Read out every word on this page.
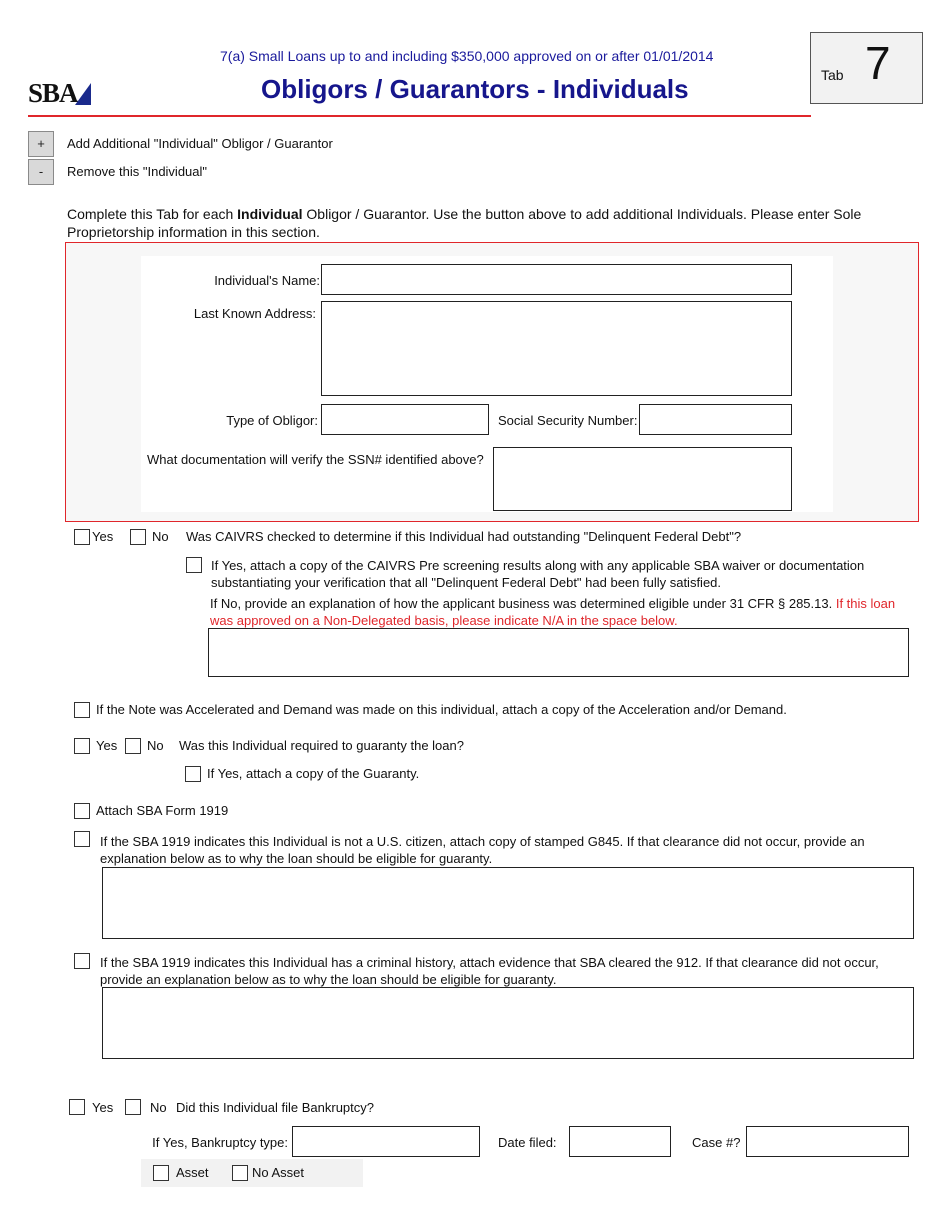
7(a) Small Loans up to and including $350,000 approved on or after 01/01/2014
SBA	Obligors / Guarantors - Individuals	Tab 7
+	Add Additional "Individual" Obligor / Guarantor
-	Remove this "Individual"
Complete this Tab for each Individual Obligor / Guarantor. Use the button above to add additional Individuals. Please enter Sole Proprietorship information in this section.
Individual's Name:
Last Known Address:
Type of Obligor:	Social Security Number:
What documentation will verify the SSN# identified above?
Yes	No Was CAIVRS checked to determine if this Individual had outstanding "Delinquent Federal Debt"?
If Yes, attach a copy of the CAIVRS Pre screening results along with any applicable SBA waiver or documentation substantiating your verification that all "Delinquent Federal Debt" had been fully satisfied.
If No, provide an explanation of how the applicant business was determined eligible under 31 CFR § 285.13. If this loan was approved on a Non-Delegated basis, please indicate N/A in the space below.
If the Note was Accelerated and Demand was made on this individual, attach a copy of the Acceleration and/or Demand.
Yes No Was this Individual required to guaranty the loan?
If Yes, attach a copy of the Guaranty.
Attach SBA Form 1919
If the SBA 1919 indicates this Individual is not a U.S. citizen, attach copy of stamped G845. If that clearance did not occur, provide an explanation below as to why the loan should be eligible for guaranty.
If the SBA 1919 indicates this Individual has a criminal history, attach evidence that SBA cleared the 912. If that clearance did not occur, provide an explanation below as to why the loan should be eligible for guaranty.
Yes	No Did this Individual file Bankruptcy?
If Yes, Bankruptcy type:	Date filed:	Case #?
Asset	No Asset
